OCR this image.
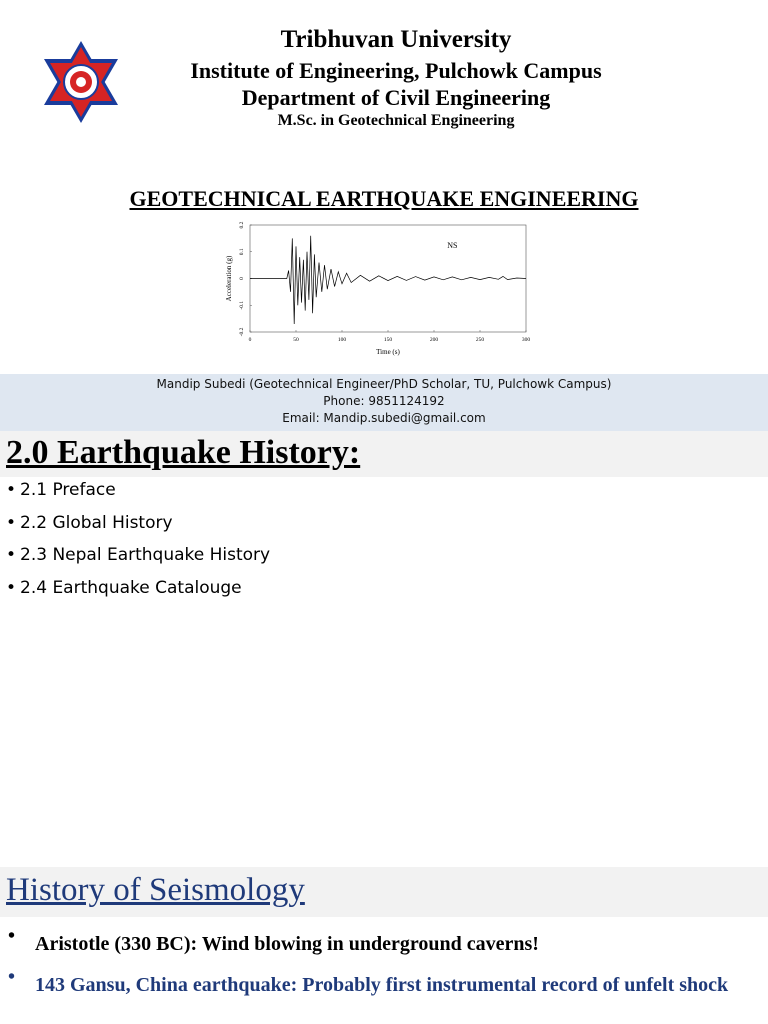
Tribhuvan University
Institute of Engineering, Pulchowk Campus
Department of Civil Engineering
M.Sc. in Geotechnical Engineering
GEOTECHNICAL EARTHQUAKE ENGINEERING
0	50	100	150	200	250	300
-0.2
-0.1
0
0.1
0.2
Time (s)
Acceleration (g)
NS
Mandip Subedi (Geotechnical Engineer/PhD Scholar, TU, Pulchowk Campus)
Phone: 9851124192
Email: Mandip.subedi@gmail.com
2.0 Earthquake History:
• 2.1 Preface
• 2.2 Global History
• 2.3 Nepal Earthquake History
• 2.4 Earthquake Catalouge
History of Seismology
• Aristotle (330 BC): Wind blowing in underground caverns!
• 143 Gansu, China earthquake: Probably first instrumental record of unfelt shock
